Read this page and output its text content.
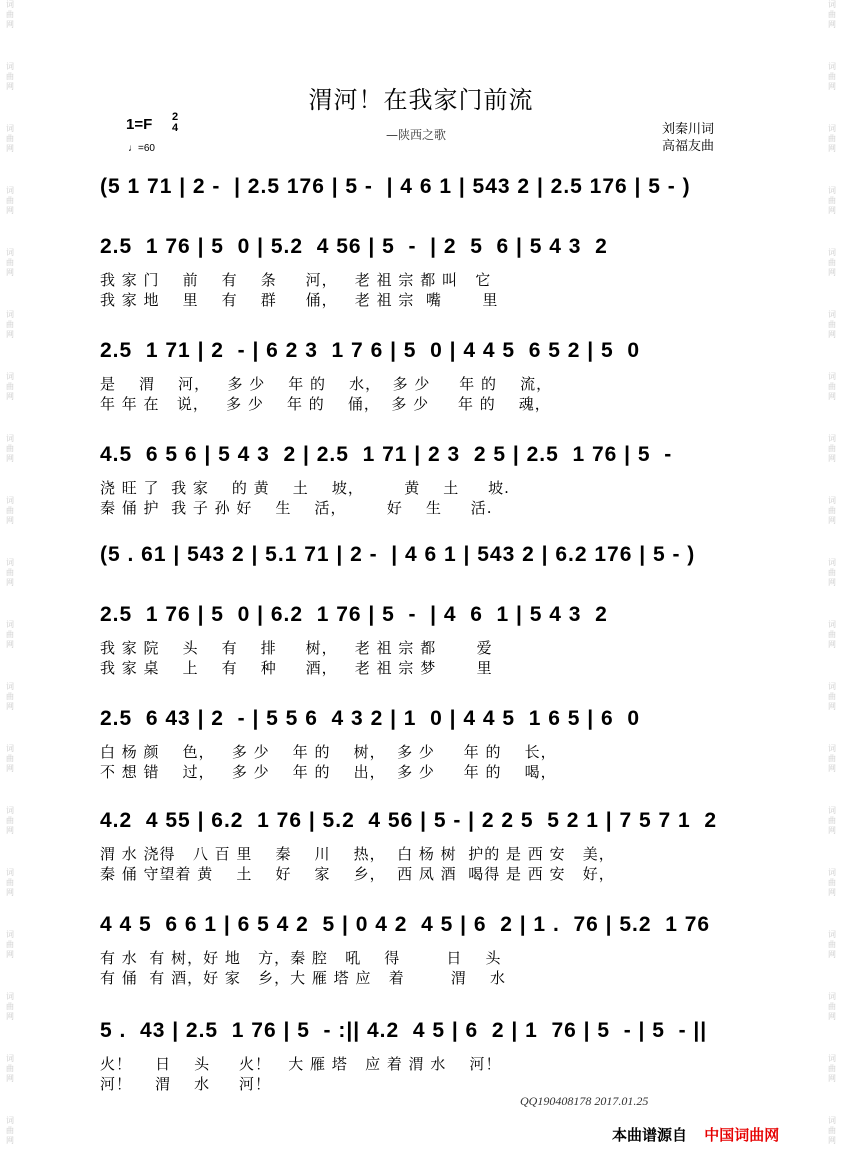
词
曲
网
词
曲
网
词
曲
网
词
曲
网
词
曲
网
词
曲
网
词
曲
网
词
曲
网
词
曲
网
词
曲
网
词
曲
网
词
曲
网
词
曲
网
词
曲
网
词
曲
网
词
曲
网
词
曲
网
词
曲
网
词
曲
网
词
曲
网
词
曲
网
词
曲
网
词
曲
网
词
曲
网
词
曲
网
词
曲
网
词
曲
网
词
曲
网
词
曲
网
词
曲
网
词
曲
网
词
曲
网
词
曲
网
词
曲
网
词
曲
网
词
曲
网
词
曲
网
词
曲
网
渭河！在我家门前流
1=F 2
4
♩=60
—陕西之歌	刘秦川词
高福友曲
(5 1 71 | 2 -  | 2.5 176 | 5 -  | 4 6 1 | 543 2 | 2.5 176 | 5 - )
2.5  1 76 | 5  0 | 5.2  4 56 | 5  -  | 2  5  6 | 5 4 3  2
我 家 门    前    有    条     河，   老 祖 宗 都 叫   它
我 家 地    里    有    群     俑，   老 祖 宗  嘴       里
2.5  1 71 | 2  - | 6 2 3  1 7 6 | 5  0 | 4 4 5  6 5 2 | 5  0
是    渭    河，   多 少    年 的    水，  多 少     年 的    流，
年 年 在   说，   多 少    年 的    俑，  多 少     年 的    魂，
4.5  6 5 6 | 5 4 3  2 | 2.5  1 71 | 2 3  2 5 | 2.5  1 76 | 5  -
浇 旺 了  我 家    的 黄    土    坡，       黄    土     坡.
秦 俑 护  我 子 孙 好    生    活，       好    生     活.
(5 . 61 | 543 2 | 5.1 71 | 2 -  | 4 6 1 | 543 2 | 6.2 176 | 5 - )
2.5  1 76 | 5  0 | 6.2  1 76 | 5  -  | 4  6  1 | 5 4 3  2
我 家 院    头    有    排     树，   老 祖 宗 都       爱
我 家 桌    上    有    种     酒，   老 祖 宗 梦       里
2.5  6 43 | 2  - | 5 5 6  4 3 2 | 1  0 | 4 4 5  1 6 5 | 6  0
白 杨 颜    色，   多 少    年 的    树，  多 少     年 的    长，
不 想 错    过，   多 少    年 的    出，  多 少     年 的    喝，
4.2  4 55 | 6.2  1 76 | 5.2  4 56 | 5 - | 2 2 5  5 2 1 | 7 5 7 1  2
渭 水 浇得   八 百 里    秦    川    热，  白 杨 树  护的 是 西 安   美，
秦 俑 守望着 黄    土    好    家    乡，  西 凤 酒  喝得 是 西 安   好，
4 4 5  6 6 1 | 6 5 4 2  5 | 0 4 2  4 5 | 6  2 | 1 .  76 | 5.2  1 76
有 水  有 树，好 地   方，秦 腔   吼    得        日    头
有 俑  有 酒，好 家   乡，大 雁 塔 应   着        渭    水
5 .  43 | 2.5  1 76 | 5  - :|| 4.2  4 5 | 6  2 | 1  76 | 5  - | 5  - ||
火！    日    头     火！   大 雁 塔   应 着 渭 水    河！
河！    渭    水     河！
QQ190408178 2017.01.25
本曲谱源自 中国词曲网
